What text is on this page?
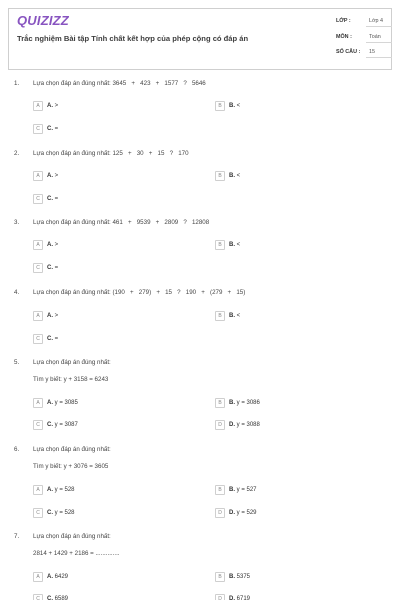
QUIZIZZ
Trắc nghiệm Bài tập Tính chất kết hợp của phép cộng có đáp án
LỚP :	Lớp 4
MÔN :	Toán
SỐ CÂU :	15
1. Lựa chọn đáp án đúng nhất: 3645   +   423   +   1577   ?   5646
A	A. >	B	B. <
C	C. =
2. Lựa chọn đáp án đúng nhất: 125   +   30   +   15   ?   170
A	A. >	B	B. <
C	C. =
3. Lựa chọn đáp án đúng nhất: 461   +   9539   +   2809   ?   12808
A	A. >	B	B. <
C	C. =
4. Lựa chọn đáp án đúng nhất: (190   +   279)   +   15   ?   190   +   (279   +   15)
A	A. >	B	B. <
C	C. =
5. Lựa chọn đáp án đúng nhất:
Tìm y biết: y + 3158 = 6243
A	A. y = 3085	B	B. y = 3086
C	C. y = 3087	D	D. y = 3088
6. Lựa chọn đáp án đúng nhất:
Tìm y biết: y + 3076 = 3605
A	A. y = 528	B	B. y = 527
C	C. y = 528	D	D. y = 529
7. Lựa chọn đáp án đúng nhất:
2814 + 1429 + 2186 = ..............
A	A. 6429	B	B. 5375
C	C. 6589	D	D. 6719
